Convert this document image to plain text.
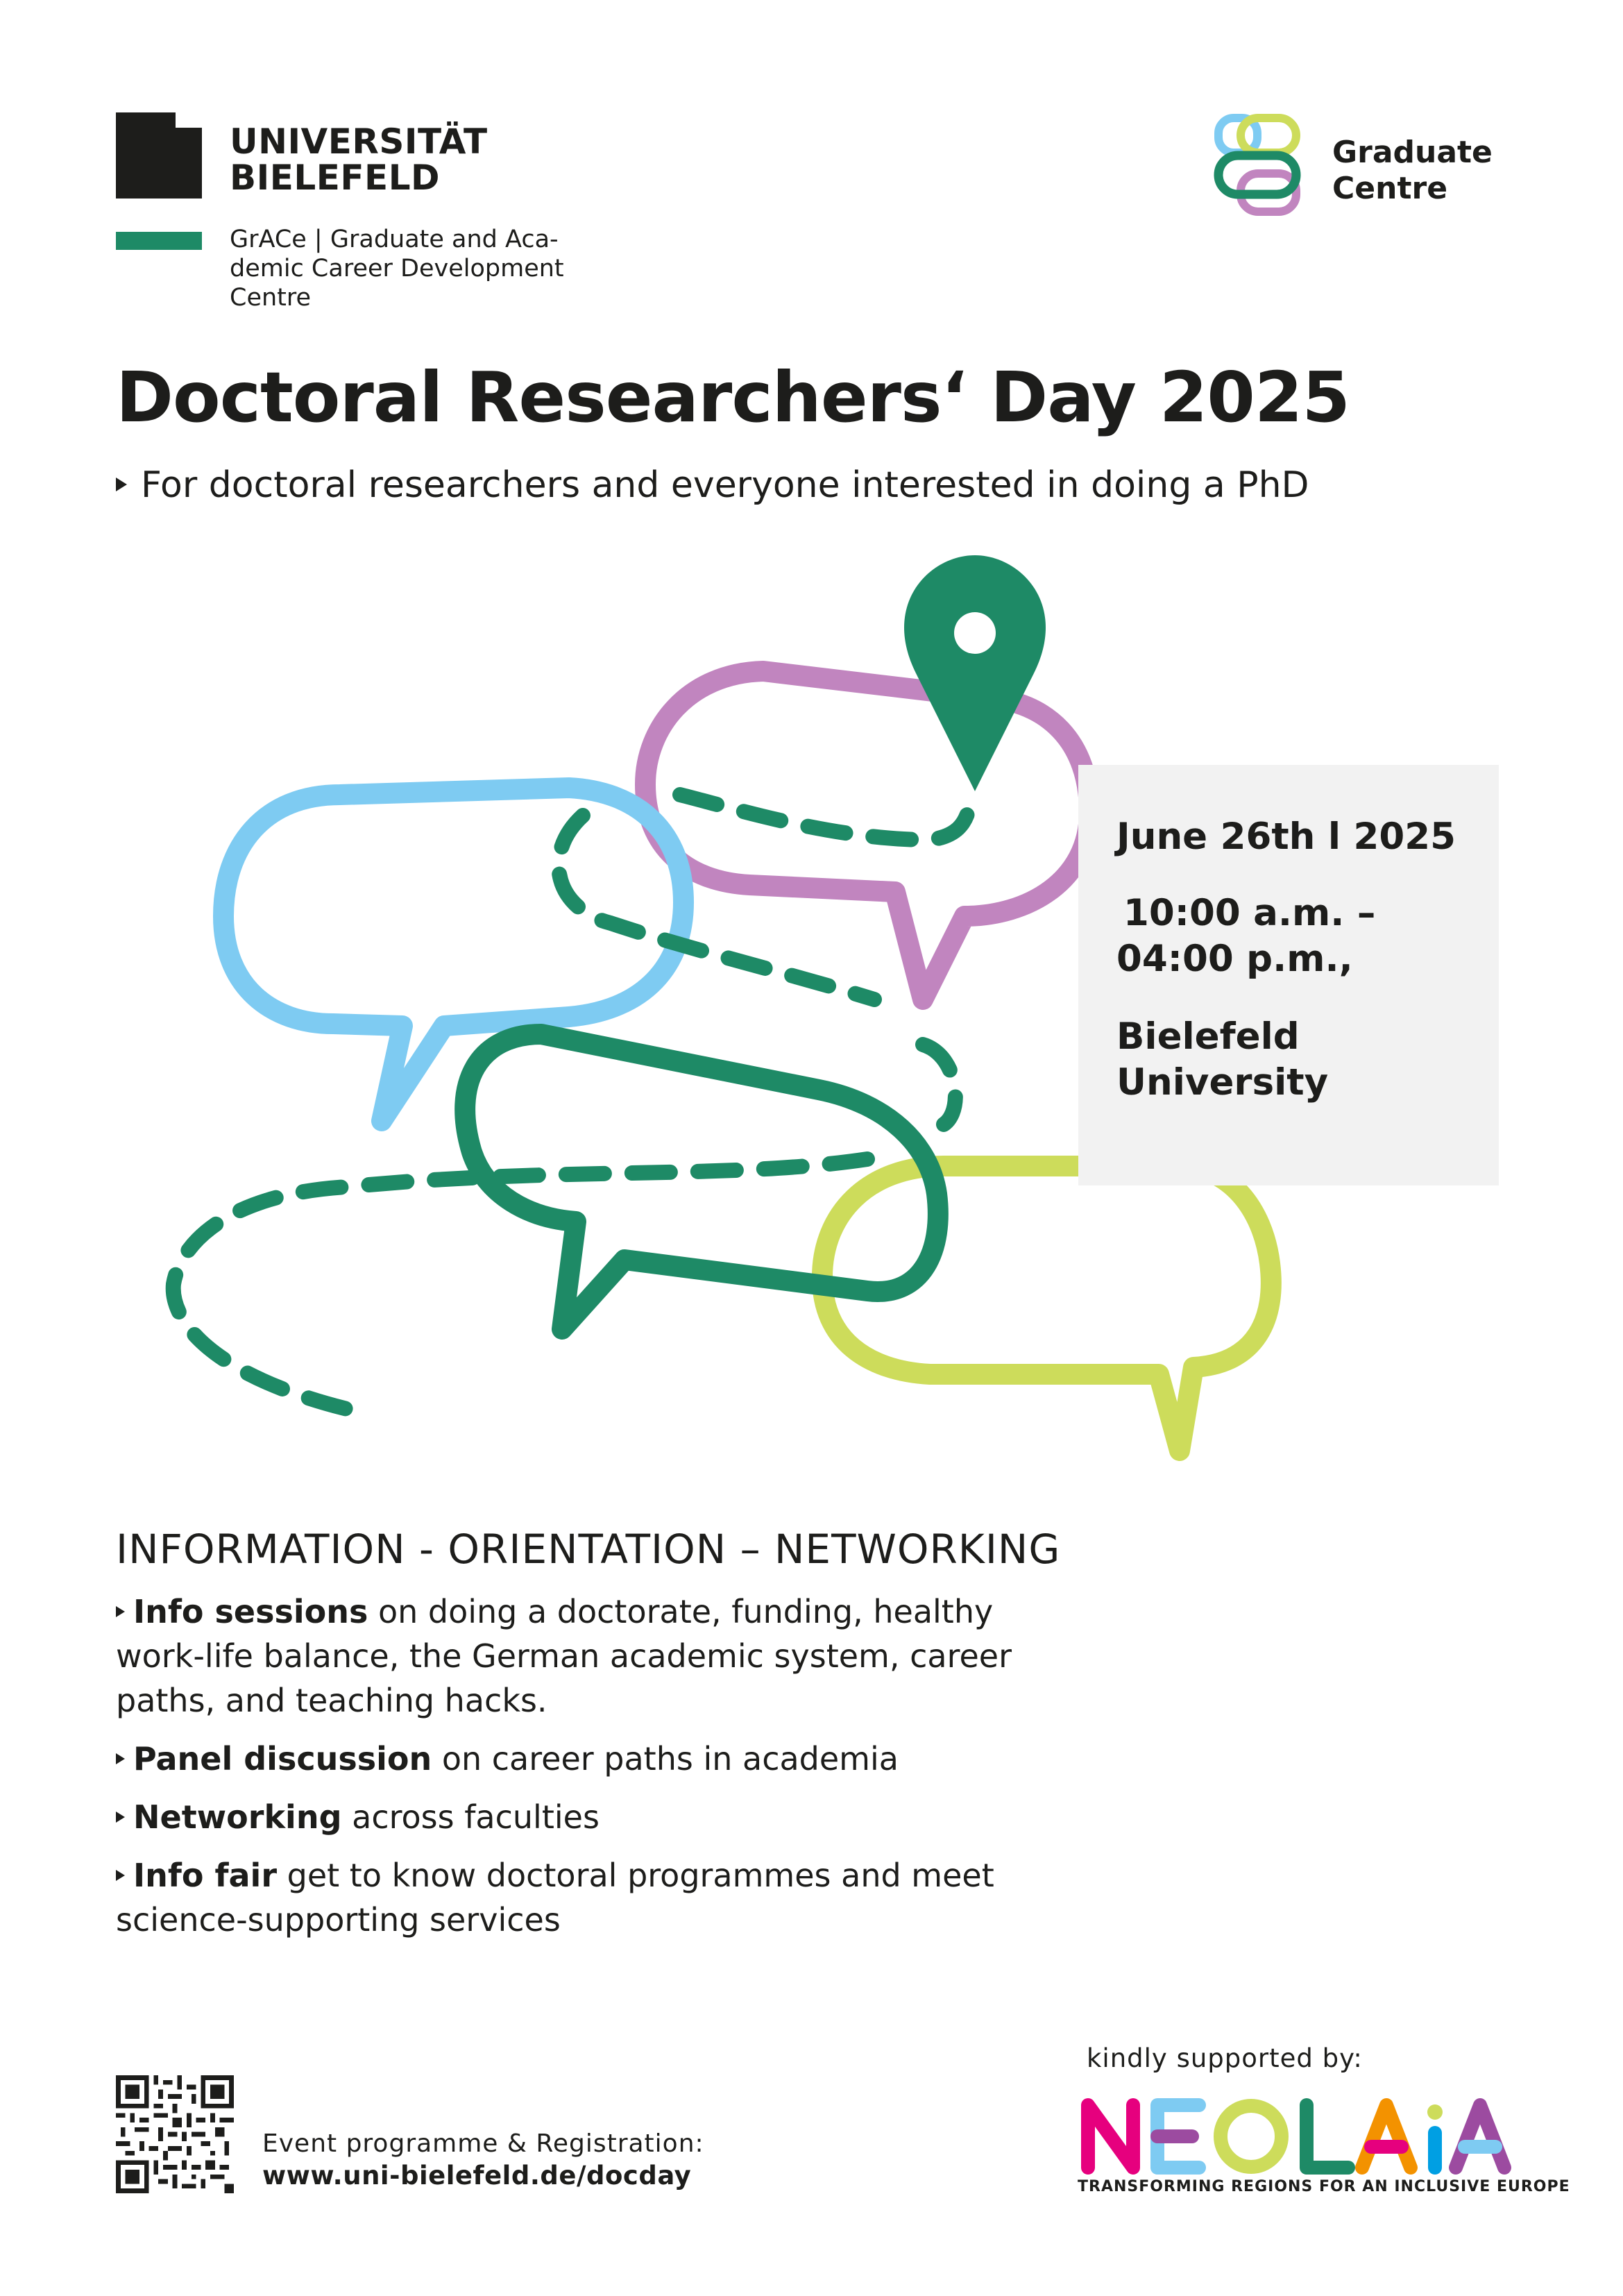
UNIVERSITÄT
BIELEFELD
GrACe | Graduate and Aca-
demic Career Development
Centre
Graduate
Centre
Doctoral Researchers‘ Day 2025
For doctoral researchers and everyone interested in doing a PhD
June 26th l 2025
10:00 a.m. –
04:00 p.m.,
Bielefeld
University
INFORMATION - ORIENTATION – NETWORKING
Info sessions on doing a doctorate, funding, healthy work-life balance, the German academic system, career paths, and teaching hacks.
Panel discussion on career paths in academia
Networking across faculties
Info fair get to know doctoral programmes and meet science-supporting services
Event programme & Registration:
www.uni-bielefeld.de/docday
kindly supported by:
TRANSFORMING REGIONS FOR AN INCLUSIVE EUROPE
